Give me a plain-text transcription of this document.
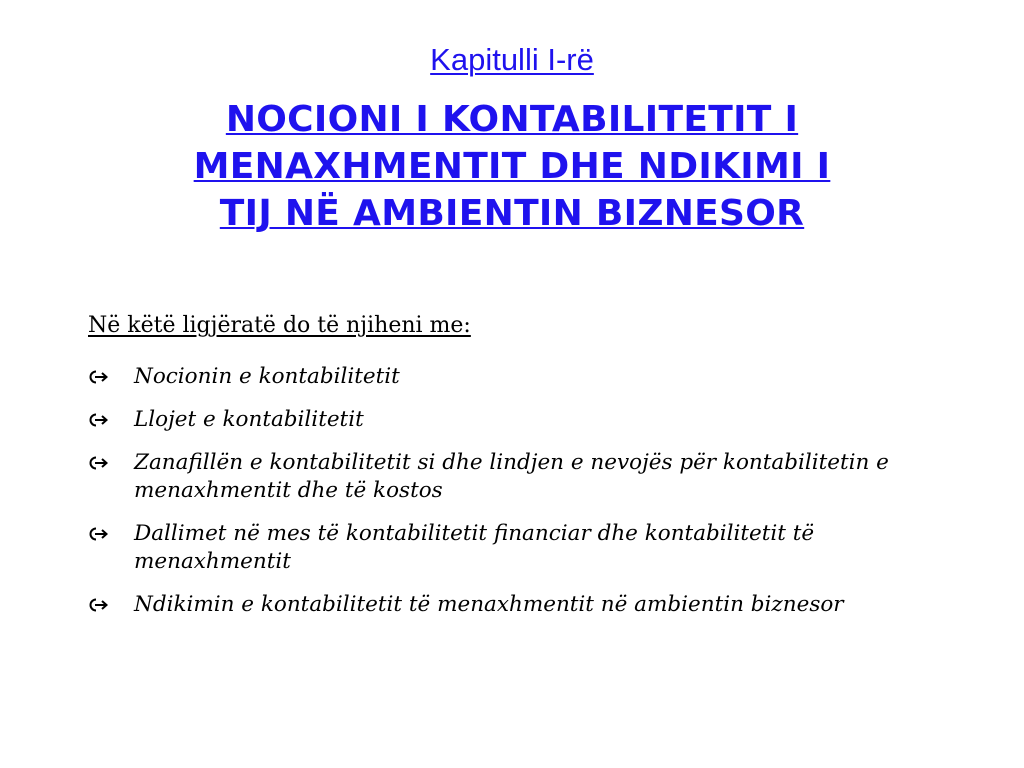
Kapitulli I-rë
NOCIONI I KONTABILITETIT I
MENAXHMENTIT DHE NDIKIMI I
TIJ NË AMBIENTIN BIZNESOR
Në këtë ligjëratë do të njiheni me:
Nocionin e kontabilitetit
Llojet e kontabilitetit
Zanafillën e kontabilitetit si dhe lindjen e nevojës për kontabilitetin e menaxhmentit dhe të kostos
Dallimet në mes të kontabilitetit financiar dhe kontabilitetit të menaxhmentit
Ndikimin e kontabilitetit të menaxhmentit në ambientin biznesor
